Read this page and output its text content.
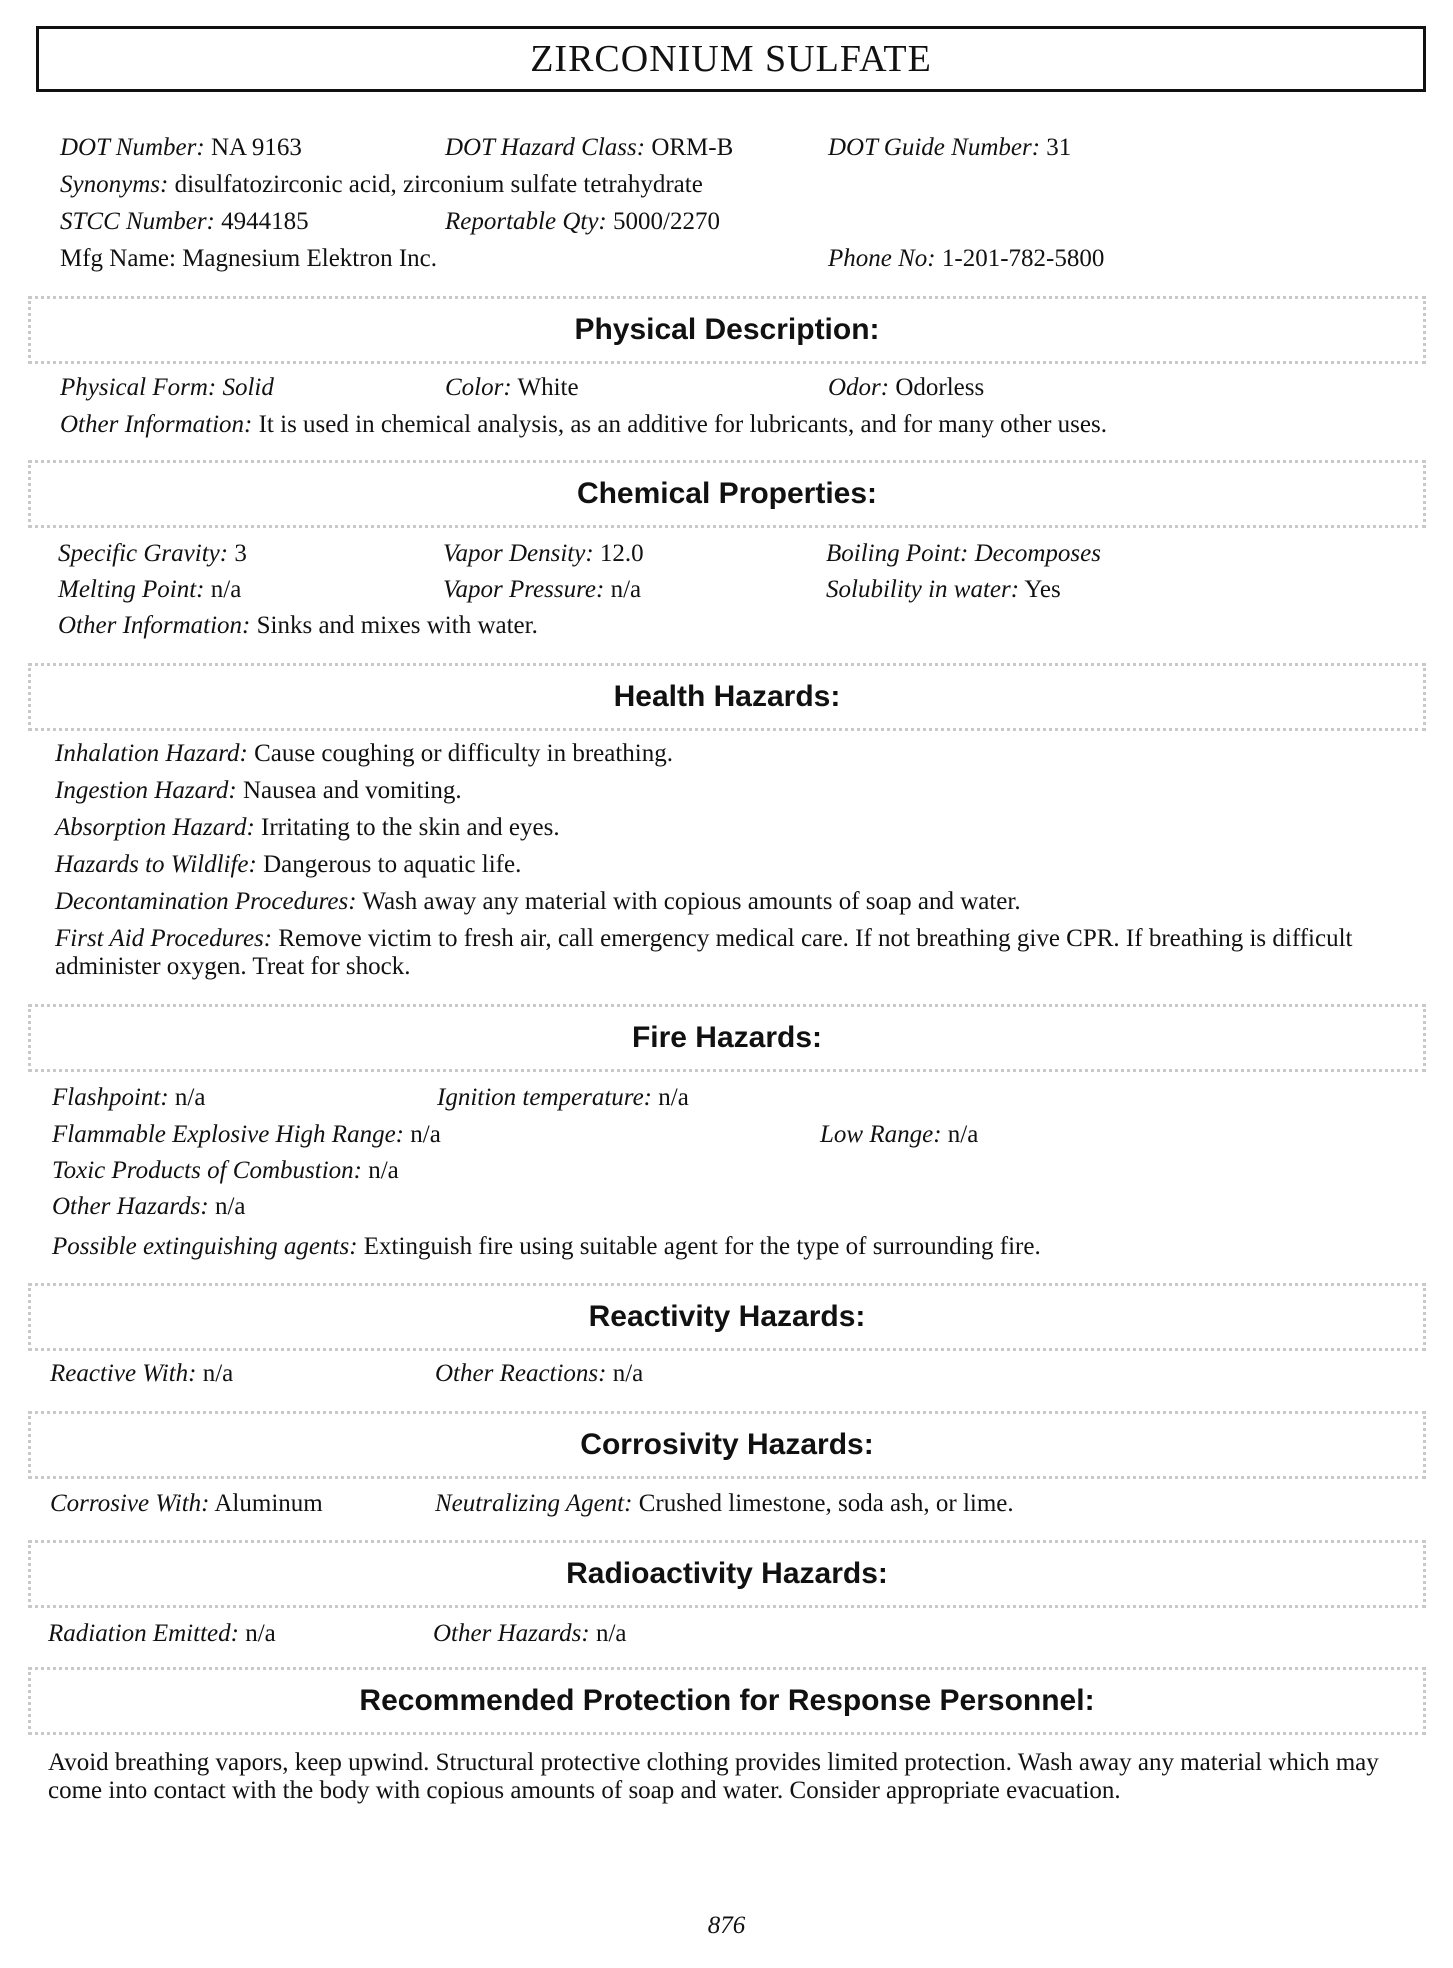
ZIRCONIUM SULFATE
DOT Number: NA 9163	DOT Hazard Class: ORM-B	DOT Guide Number: 31
Synonyms: disulfatozirconic acid, zirconium sulfate tetrahydrate
STCC Number: 4944185	Reportable Qty: 5000/2270
Mfg Name: Magnesium Elektron Inc.	Phone No: 1-201-782-5800
Physical Description:
Physical Form: Solid	Color: White	Odor: Odorless
Other Information: It is used in chemical analysis, as an additive for lubricants, and for many other uses.
Chemical Properties:
Specific Gravity: 3	Vapor Density: 12.0	Boiling Point: Decomposes
Melting Point: n/a	Vapor Pressure: n/a	Solubility in water: Yes
Other Information: Sinks and mixes with water.
Health Hazards:
Inhalation Hazard: Cause coughing or difficulty in breathing.
Ingestion Hazard: Nausea and vomiting.
Absorption Hazard: Irritating to the skin and eyes.
Hazards to Wildlife: Dangerous to aquatic life.
Decontamination Procedures: Wash away any material with copious amounts of soap and water.
First Aid Procedures: Remove victim to fresh air, call emergency medical care. If not breathing give CPR. If breathing is difficult administer oxygen. Treat for shock.
Fire Hazards:
Flashpoint: n/a	Ignition temperature: n/a
Flammable Explosive High Range: n/a	Low Range: n/a
Toxic Products of Combustion: n/a
Other Hazards: n/a
Possible extinguishing agents: Extinguish fire using suitable agent for the type of surrounding fire.
Reactivity Hazards:
Reactive With: n/a	Other Reactions: n/a
Corrosivity Hazards:
Corrosive With: Aluminum	Neutralizing Agent: Crushed limestone, soda ash, or lime.
Radioactivity Hazards:
Radiation Emitted: n/a	Other Hazards: n/a
Recommended Protection for Response Personnel:
Avoid breathing vapors, keep upwind. Structural protective clothing provides limited protection. Wash away any material which may come into contact with the body with copious amounts of soap and water. Consider appropriate evacuation.
876
